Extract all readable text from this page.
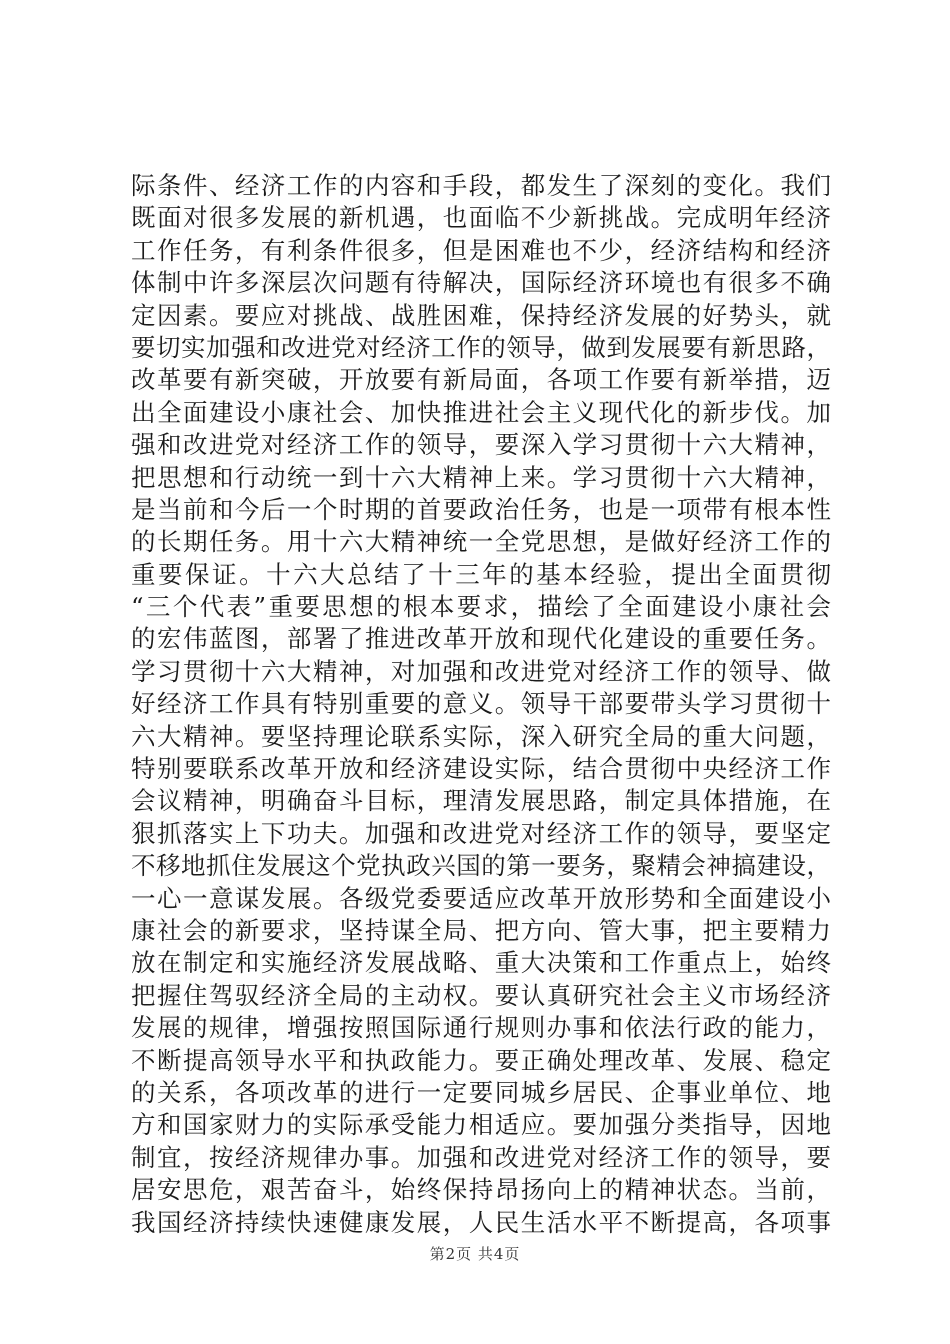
际条件、经济工作的内容和手段，都发生了深刻的变化。我们
既面对很多发展的新机遇，也面临不少新挑战。完成明年经济
工作任务，有利条件很多，但是困难也不少，经济结构和经济
体制中许多深层次问题有待解决，国际经济环境也有很多不确
定因素。要应对挑战、战胜困难，保持经济发展的好势头，就
要切实加强和改进党对经济工作的领导，做到发展要有新思路，
改革要有新突破，开放要有新局面，各项工作要有新举措，迈
出全面建设小康社会、加快推进社会主义现代化的新步伐。加
强和改进党对经济工作的领导，要深入学习贯彻十六大精神，
把思想和行动统一到十六大精神上来。学习贯彻十六大精神，
是当前和今后一个时期的首要政治任务，也是一项带有根本性
的长期任务。用十六大精神统一全党思想，是做好经济工作的
重要保证。十六大总结了十三年的基本经验，提出全面贯彻
“三个代表”重要思想的根本要求，描绘了全面建设小康社会
的宏伟蓝图，部署了推进改革开放和现代化建设的重要任务。
学习贯彻十六大精神，对加强和改进党对经济工作的领导、做
好经济工作具有特别重要的意义。领导干部要带头学习贯彻十
六大精神。要坚持理论联系实际，深入研究全局的重大问题，
特别要联系改革开放和经济建设实际，结合贯彻中央经济工作
会议精神，明确奋斗目标，理清发展思路，制定具体措施，在
狠抓落实上下功夫。加强和改进党对经济工作的领导，要坚定
不移地抓住发展这个党执政兴国的第一要务，聚精会神搞建设，
一心一意谋发展。各级党委要适应改革开放形势和全面建设小
康社会的新要求，坚持谋全局、把方向、管大事，把主要精力
放在制定和实施经济发展战略、重大决策和工作重点上，始终
把握住驾驭经济全局的主动权。要认真研究社会主义市场经济
发展的规律，增强按照国际通行规则办事和依法行政的能力，
不断提高领导水平和执政能力。要正确处理改革、发展、稳定
的关系，各项改革的进行一定要同城乡居民、企事业单位、地
方和国家财力的实际承受能力相适应。要加强分类指导，因地
制宜，按经济规律办事。加强和改进党对经济工作的领导，要
居安思危，艰苦奋斗，始终保持昂扬向上的精神状态。当前，
我国经济持续快速健康发展，人民生活水平不断提高，各项事
第2页 共4页
